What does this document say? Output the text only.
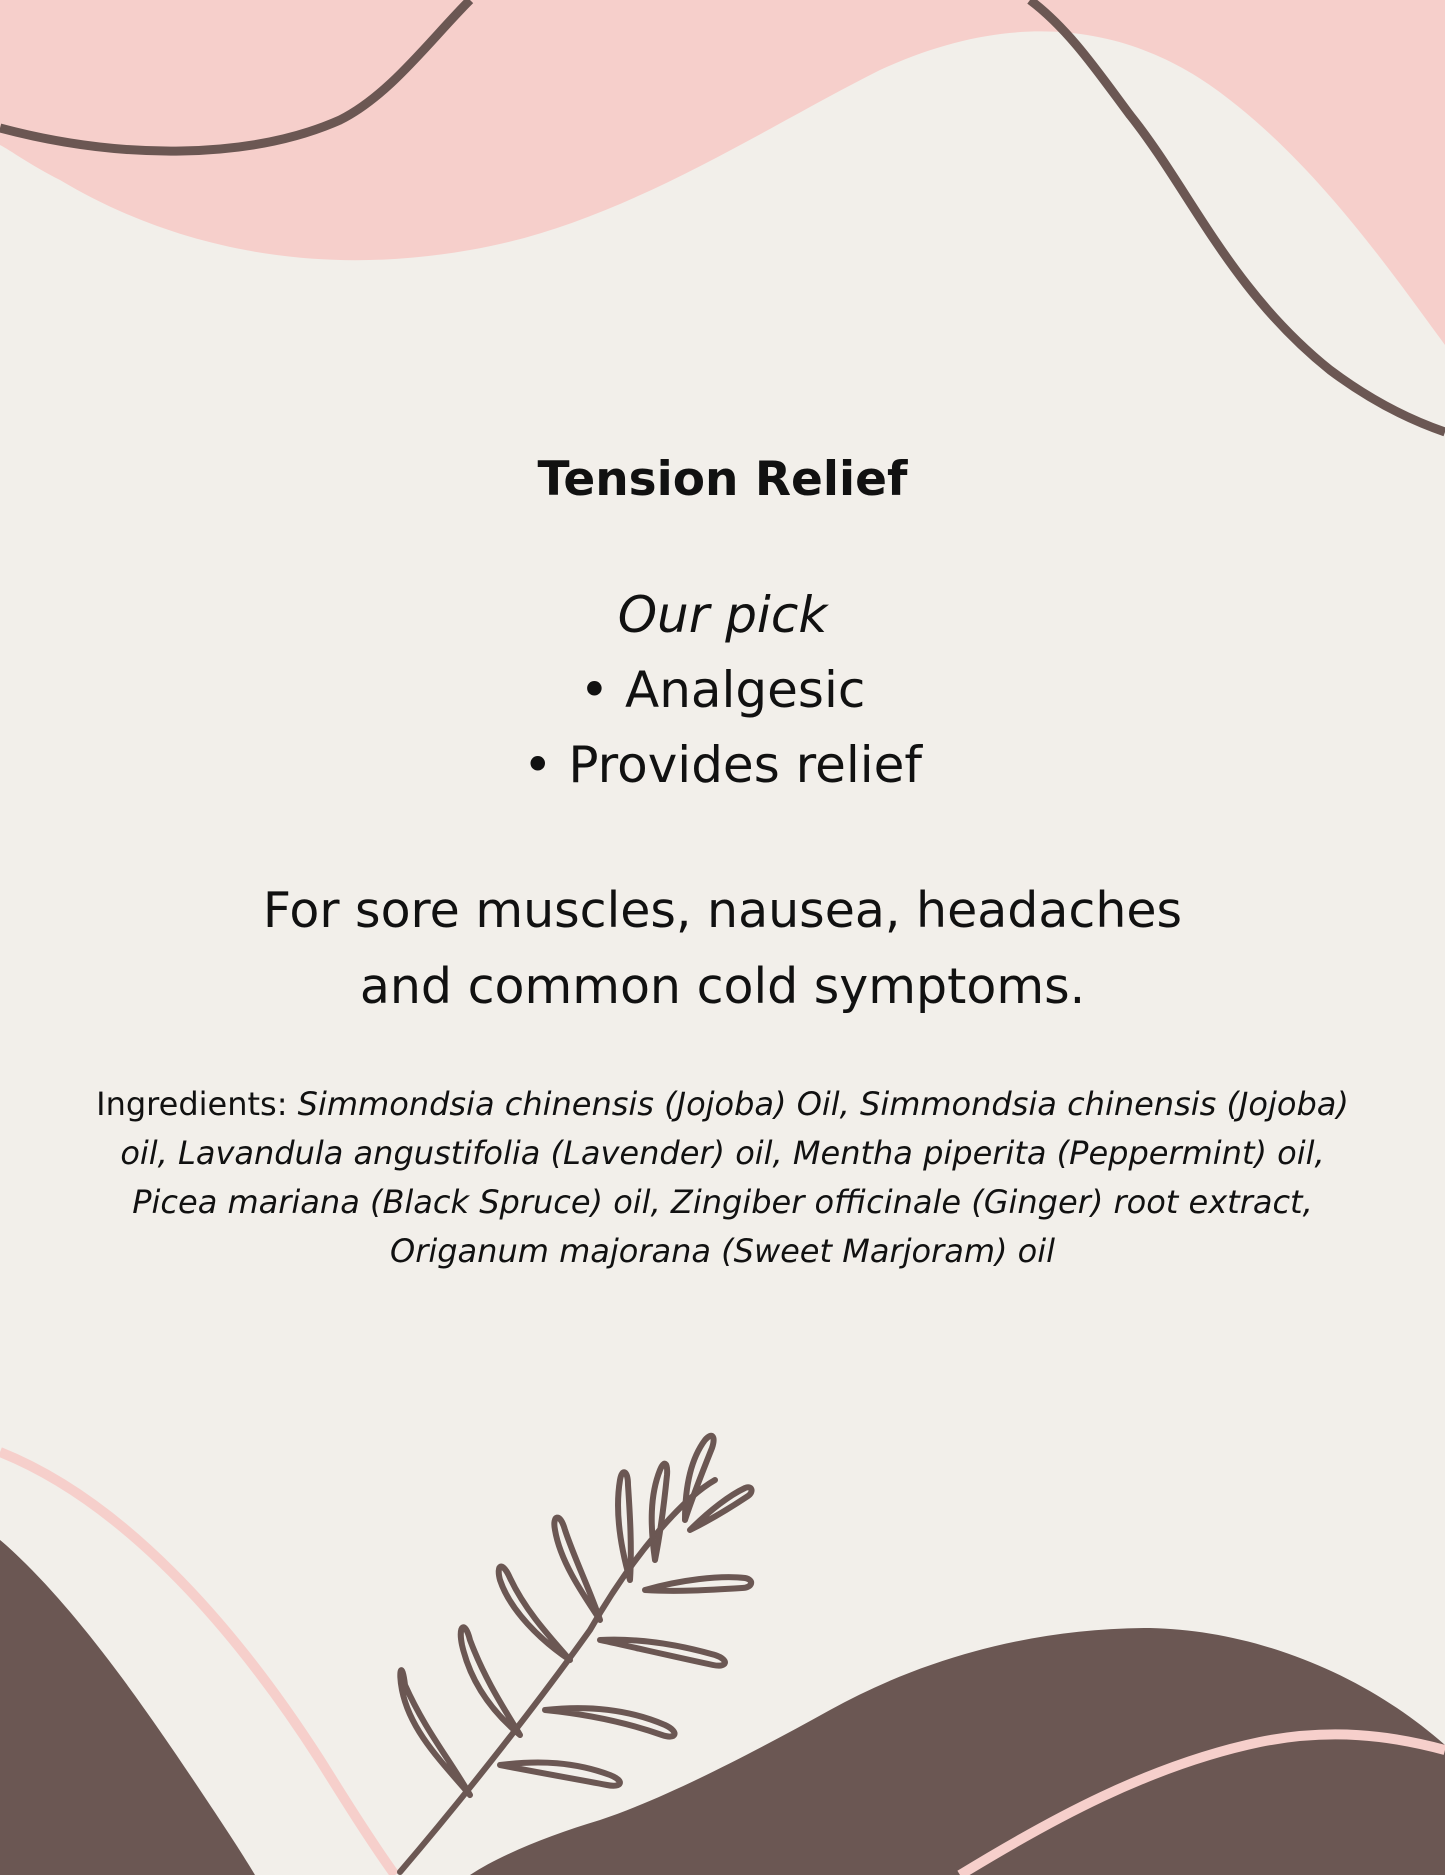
Tension Relief

Our pick

• Analgesic
• Provides relief

For sore muscles, nausea, headaches
and common cold symptoms.

Ingredients: Simmondsia chinensis (Jojoba) Oil, Simmondsia chinensis (Jojoba) oil, Lavandula angustifolia (Lavender) oil, Mentha piperita (Peppermint) oil, Picea mariana (Black Spruce) oil, Zingiber officinale (Ginger) root extract, Origanum majorana (Sweet Marjoram) oil
